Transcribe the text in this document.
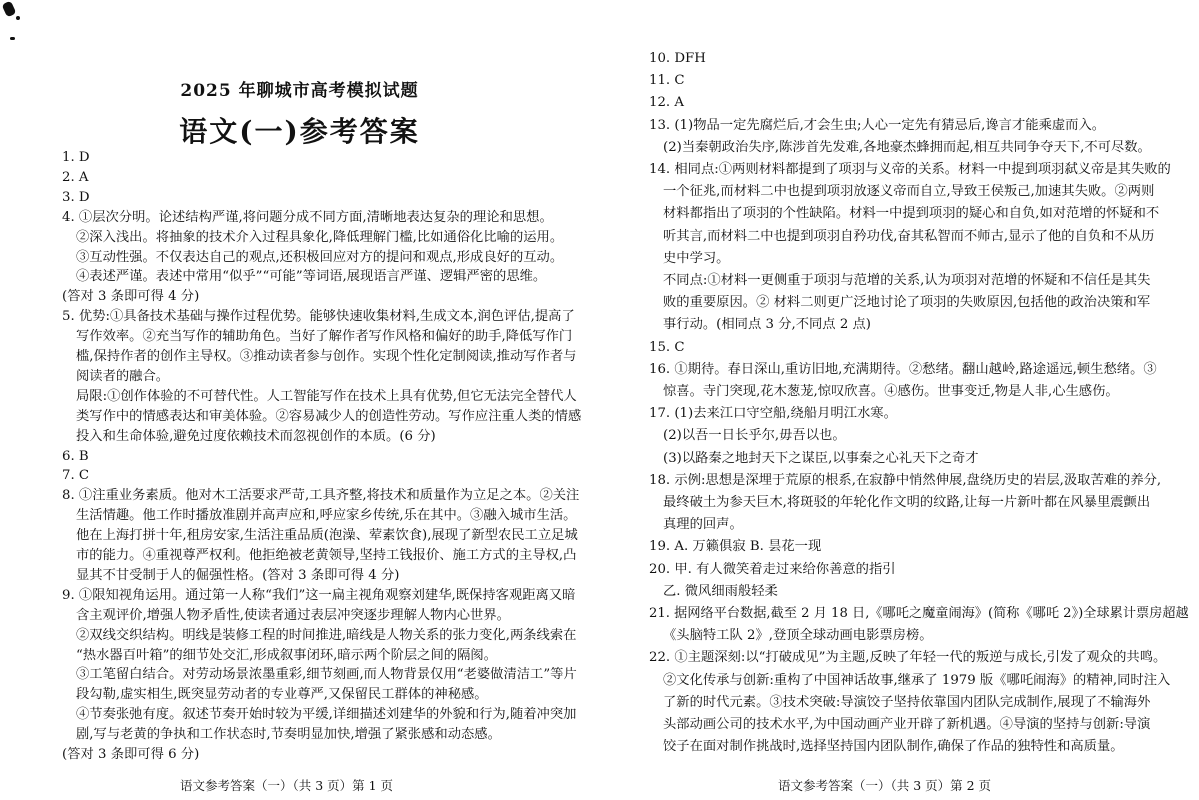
2025 年聊城市高考模拟试题
语文(一)参考答案
1. D
2. A
3. D
4. ①层次分明。论述结构严谨,将问题分成不同方面,清晰地表达复杂的理论和思想。
②深入浅出。将抽象的技术介入过程具象化,降低理解门槛,比如通俗化比喻的运用。
③互动性强。不仅表达自己的观点,还积极回应对方的提问和观点,形成良好的互动。
④表述严谨。表述中常用“似乎”“可能”等词语,展现语言严谨、逻辑严密的思维。
(答对 3 条即可得 4 分)
5. 优势:①具备技术基础与操作过程优势。能够快速收集材料,生成文本,润色评估,提高了
写作效率。②充当写作的辅助角色。当好了解作者写作风格和偏好的助手,降低写作门
槛,保持作者的创作主导权。③推动读者参与创作。实现个性化定制阅读,推动写作者与
阅读者的融合。
局限:①创作体验的不可替代性。人工智能写作在技术上具有优势,但它无法完全替代人
类写作中的情感表达和审美体验。②容易减少人的创造性劳动。写作应注重人类的情感
投入和生命体验,避免过度依赖技术而忽视创作的本质。(6 分)
6. B
7. C
8. ①注重业务素质。他对木工活要求严苛,工具齐整,将技术和质量作为立足之本。②关注
生活情趣。他工作时播放准剧并高声应和,呼应家乡传统,乐在其中。③融入城市生活。
他在上海打拼十年,租房安家,生活注重品质(泡澡、荤素饮食),展现了新型农民工立足城
市的能力。④重视尊严权利。他拒绝被老黄领导,坚持工钱报价、施工方式的主导权,凸
显其不甘受制于人的倔强性格。(答对 3 条即可得 4 分)
9. ①限知视角运用。通过第一人称“我们”这一扁主视角观察刘建华,既保持客观距离又暗
含主观评价,增强人物矛盾性,使读者通过表层冲突逐步理解人物内心世界。
②双线交织结构。明线是装修工程的时间推进,暗线是人物关系的张力变化,两条线索在
“热水器百叶箱”的细节处交汇,形成叙事闭环,暗示两个阶层之间的隔阂。
③工笔留白结合。对劳动场景浓墨重彩,细节刻画,而人物背景仅用“老婆做清洁工”等片
段勾勒,虚实相生,既突显劳动者的专业尊严,又保留民工群体的神秘感。
④节奏张弛有度。叙述节奏开始时较为平缓,详细描述刘建华的外貌和行为,随着冲突加
剧,写与老黄的争执和工作状态时,节奏明显加快,增强了紧张感和动态感。
(答对 3 条即可得 6 分)
语文参考答案（一）（共 3 页）第 1 页
10. DFH
11. C
12. A
13. (1)物品一定先腐烂后,才会生虫;人心一定先有猜忌后,谗言才能乘虚而入。
(2)当秦朝政治失序,陈涉首先发难,各地豪杰蜂拥而起,相互共同争夺天下,不可尽数。
14. 相同点:①两则材料都提到了项羽与义帝的关系。材料一中提到项羽弑义帝是其失败的
一个征兆,而材料二中也提到项羽放逐义帝而自立,导致王侯叛己,加速其失败。②两则
材料都指出了项羽的个性缺陷。材料一中提到项羽的疑心和自负,如对范增的怀疑和不
听其言,而材料二中也提到项羽自矜功伐,奋其私智而不师古,显示了他的自负和不从历
史中学习。
不同点:①材料一更侧重于项羽与范增的关系,认为项羽对范增的怀疑和不信任是其失
败的重要原因。② 材料二则更广泛地讨论了项羽的失败原因,包括他的政治决策和军
事行动。(相同点 3 分,不同点 2 点)
15. C
16. ①期待。春日深山,重访旧地,充满期待。②愁绪。翻山越岭,路途遥远,顿生愁绪。③
惊喜。寺门突现,花木葱茏,惊叹欣喜。④感伤。世事变迁,物是人非,心生感伤。
17. (1)去来江口守空船,绕船月明江水寒。
(2)以吾一日长乎尔,毋吾以也。
(3)以路秦之地封天下之谋臣,以事秦之心礼天下之奇才
18. 示例:思想是深埋于荒原的根系,在寂静中悄然伸展,盘绕历史的岩层,汲取苦难的养分,
最终破土为参天巨木,将斑驳的年轮化作文明的纹路,让每一片新叶都在风暴里震颤出
真理的回声。
19. A. 万籁俱寂 B. 昙花一现
20. 甲. 有人微笑着走过来给你善意的指引
乙. 微风细雨般轻柔
21. 据网络平台数据,截至 2 月 18 日,《哪吒之魔童闹海》(简称《哪吒 2》)全球累计票房超越
《头脑特工队 2》,登顶全球动画电影票房榜。
22. ①主题深刻:以“打破成见”为主题,反映了年轻一代的叛逆与成长,引发了观众的共鸣。
②文化传承与创新:重构了中国神话故事,继承了 1979 版《哪吒闹海》的精神,同时注入
了新的时代元素。③技术突破:导演饺子坚持依靠国内团队完成制作,展现了不输海外
头部动画公司的技术水平,为中国动画产业开辟了新机遇。④导演的坚持与创新:导演
饺子在面对制作挑战时,选择坚持国内团队制作,确保了作品的独特性和高质量。
语文参考答案（一）（共 3 页）第 2 页
